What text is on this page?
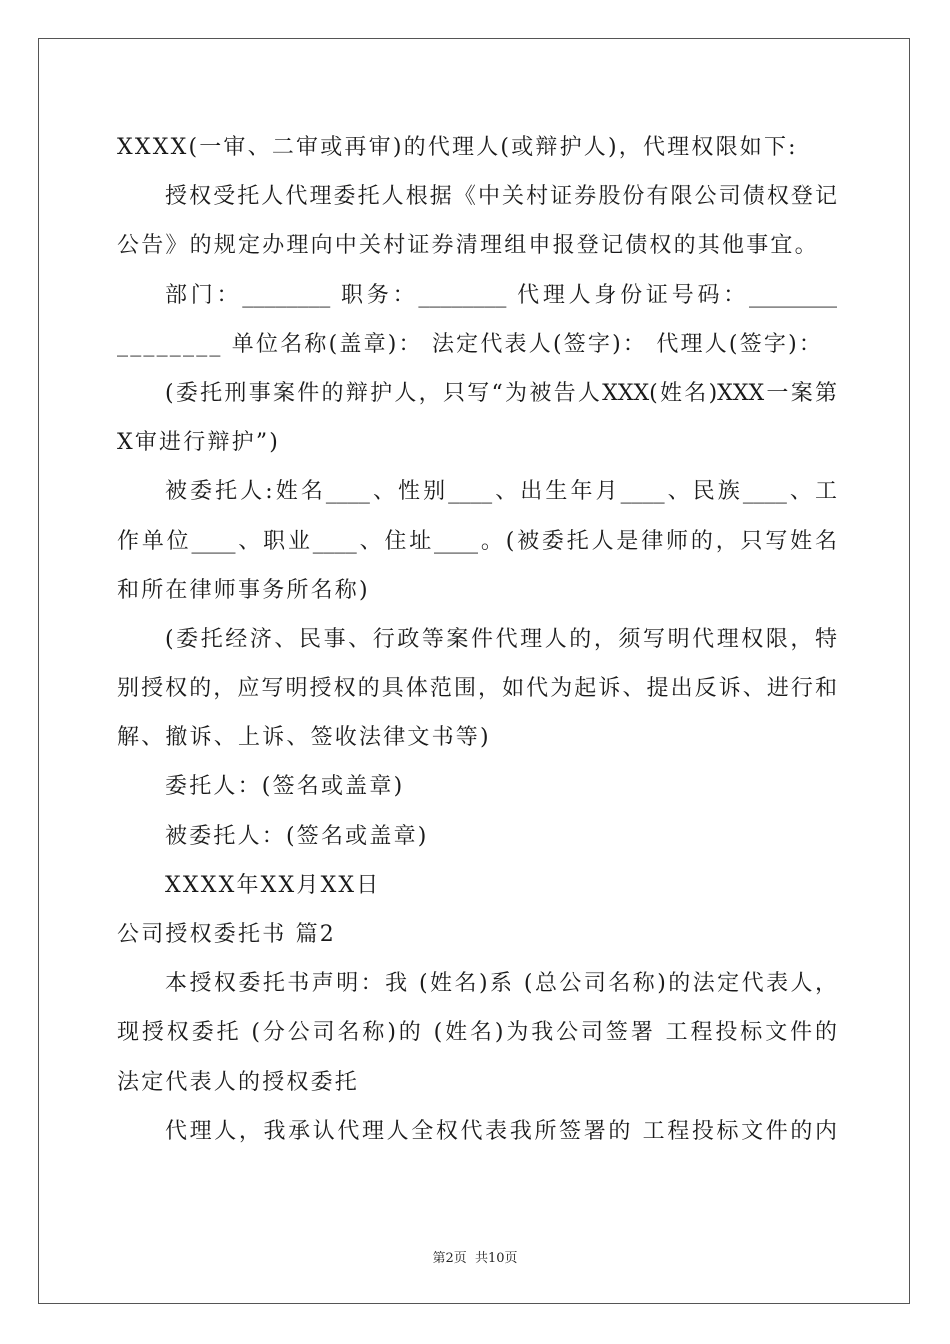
XXXX(一审、二审或再审)的代理人(或辩护人)，代理权限如下:
授权受托人代理委托人根据《中关村证券股份有限公司债权登记
公告》的规定办理向中关村证券清理组申报登记债权的其他事宜。
部门：________ 职务：________ 代理人身份证号码：________
________ 单位名称(盖章)： 法定代表人(签字)： 代理人(签字)：
(委托刑事案件的辩护人，只写“为被告人XXX(姓名)XXX一案第
X审进行辩护”)
被委托人:姓名____、性别____、出生年月____、民族____、工
作单位____、职业____、住址____。(被委托人是律师的，只写姓名
和所在律师事务所名称)
(委托经济、民事、行政等案件代理人的，须写明代理权限，特
别授权的，应写明授权的具体范围，如代为起诉、提出反诉、进行和
解、撤诉、上诉、签收法律文书等)
委托人：(签名或盖章)
被委托人：(签名或盖章)
XXXX年XX月XX日
公司授权委托书 篇2
本授权委托书声明：我 (姓名)系 (总公司名称)的法定代表人，
现授权委托 (分公司名称)的 (姓名)为我公司签署 工程投标文件的
法定代表人的授权委托
代理人，我承认代理人全权代表我所签署的 工程投标文件的内
第2页 共10页
